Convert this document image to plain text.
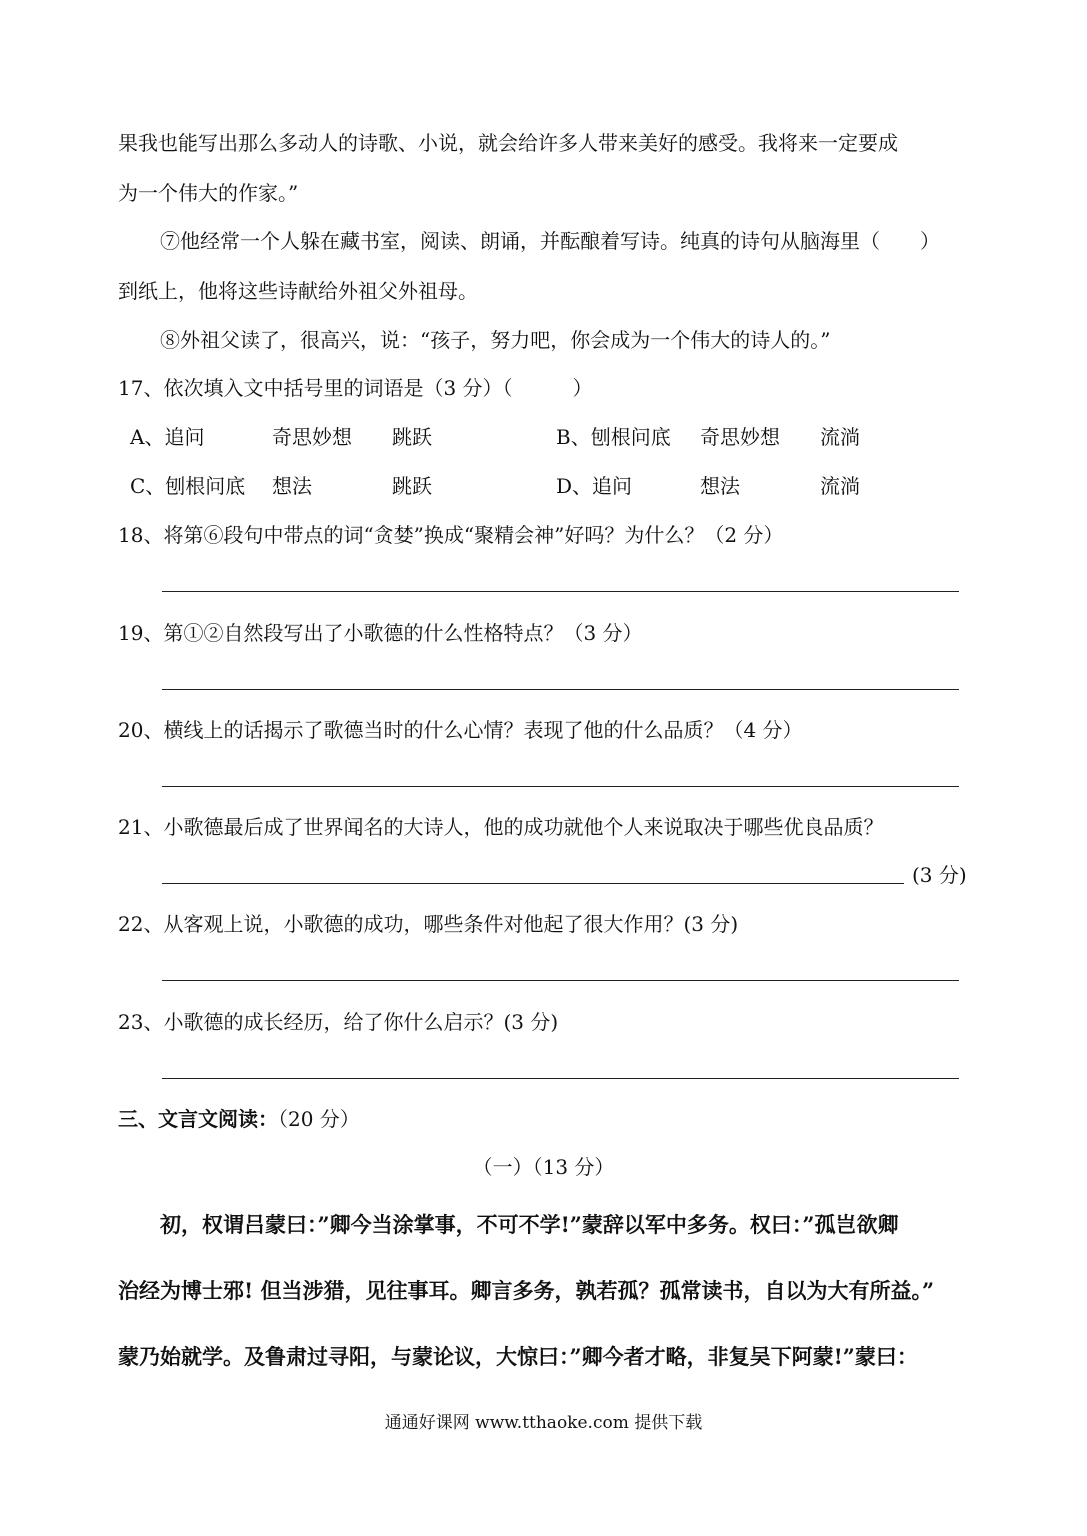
果我也能写出那么多动人的诗歌、小说，就会给许多人带来美好的感受。我将来一定要成
为一个伟大的作家。”
⑦他经常一个人躲在藏书室，阅读、朗诵，并酝酿着写诗。纯真的诗句从脑海里（　　）
到纸上，他将这些诗献给外祖父外祖母。
⑧外祖父读了，很高兴，说：“孩子，努力吧，你会成为一个伟大的诗人的。”
17、依次填入文中括号里的词语是（3 分）（　　　）
A、追问	奇思妙想 跳跃	B、刨根问底 奇思妙想 流淌
C、刨根问底 想法	跳跃	D、追问	想法	流淌
18、将第⑥段句中带点的词“贪婪”换成“聚精会神”好吗？为什么？（2 分）
19、第①②自然段写出了小歌德的什么性格特点？（3 分）
20、横线上的话揭示了歌德当时的什么心情？表现了他的什么品质？（4 分）
21、小歌德最后成了世界闻名的大诗人，他的成功就他个人来说取决于哪些优良品质？
(3 分)
22、从客观上说，小歌德的成功，哪些条件对他起了很大作用？(3 分)
23、小歌德的成长经历，给了你什么启示？(3 分)
三、文言文阅读：（20 分）
（一）（13 分）
初，权谓吕蒙曰：”卿今当涂掌事，不可不学!”蒙辞以军中多务。权曰：”孤岂欲卿
治经为博士邪! 但当涉猎，见往事耳。卿言多务，孰若孤？孤常读书，自以为大有所益。”
蒙乃始就学。及鲁肃过寻阳，与蒙论议，大惊曰：”卿今者才略，非复吴下阿蒙!”蒙曰：
通通好课网 www.tthaoke.com 提供下载
